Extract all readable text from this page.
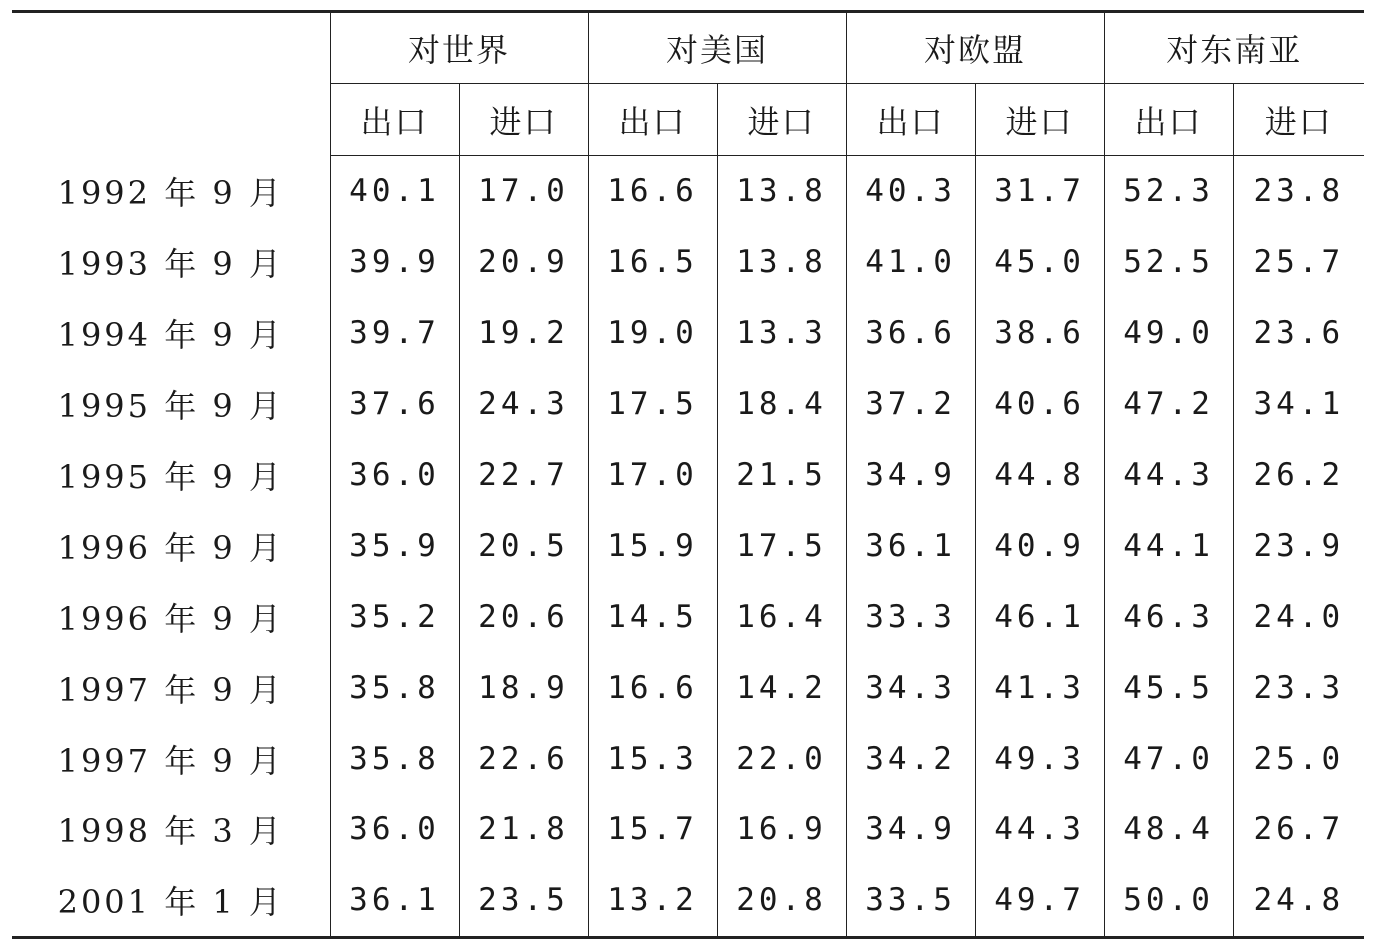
	对世界		对美国		对欧盟		对东南亚	
	出口	进口	出口	进口	出口	进口	出口	进口
1992 年 9 月	40.1	17.0	16.6	13.8	40.3	31.7	52.3	23.8
1993 年 9 月	39.9	20.9	16.5	13.8	41.0	45.0	52.5	25.7
1994 年 9 月	39.7	19.2	19.0	13.3	36.6	38.6	49.0	23.6
1995 年 9 月	37.6	24.3	17.5	18.4	37.2	40.6	47.2	34.1
1995 年 9 月	36.0	22.7	17.0	21.5	34.9	44.8	44.3	26.2
1996 年 9 月	35.9	20.5	15.9	17.5	36.1	40.9	44.1	23.9
1996 年 9 月	35.2	20.6	14.5	16.4	33.3	46.1	46.3	24.0
1997 年 9 月	35.8	18.9	16.6	14.2	34.3	41.3	45.5	23.3
1997 年 9 月	35.8	22.6	15.3	22.0	34.2	49.3	47.0	25.0
1998 年 3 月	36.0	21.8	15.7	16.9	34.9	44.3	48.4	26.7
2001 年 1 月	36.1	23.5	13.2	20.8	33.5	49.7	50.0	24.8
